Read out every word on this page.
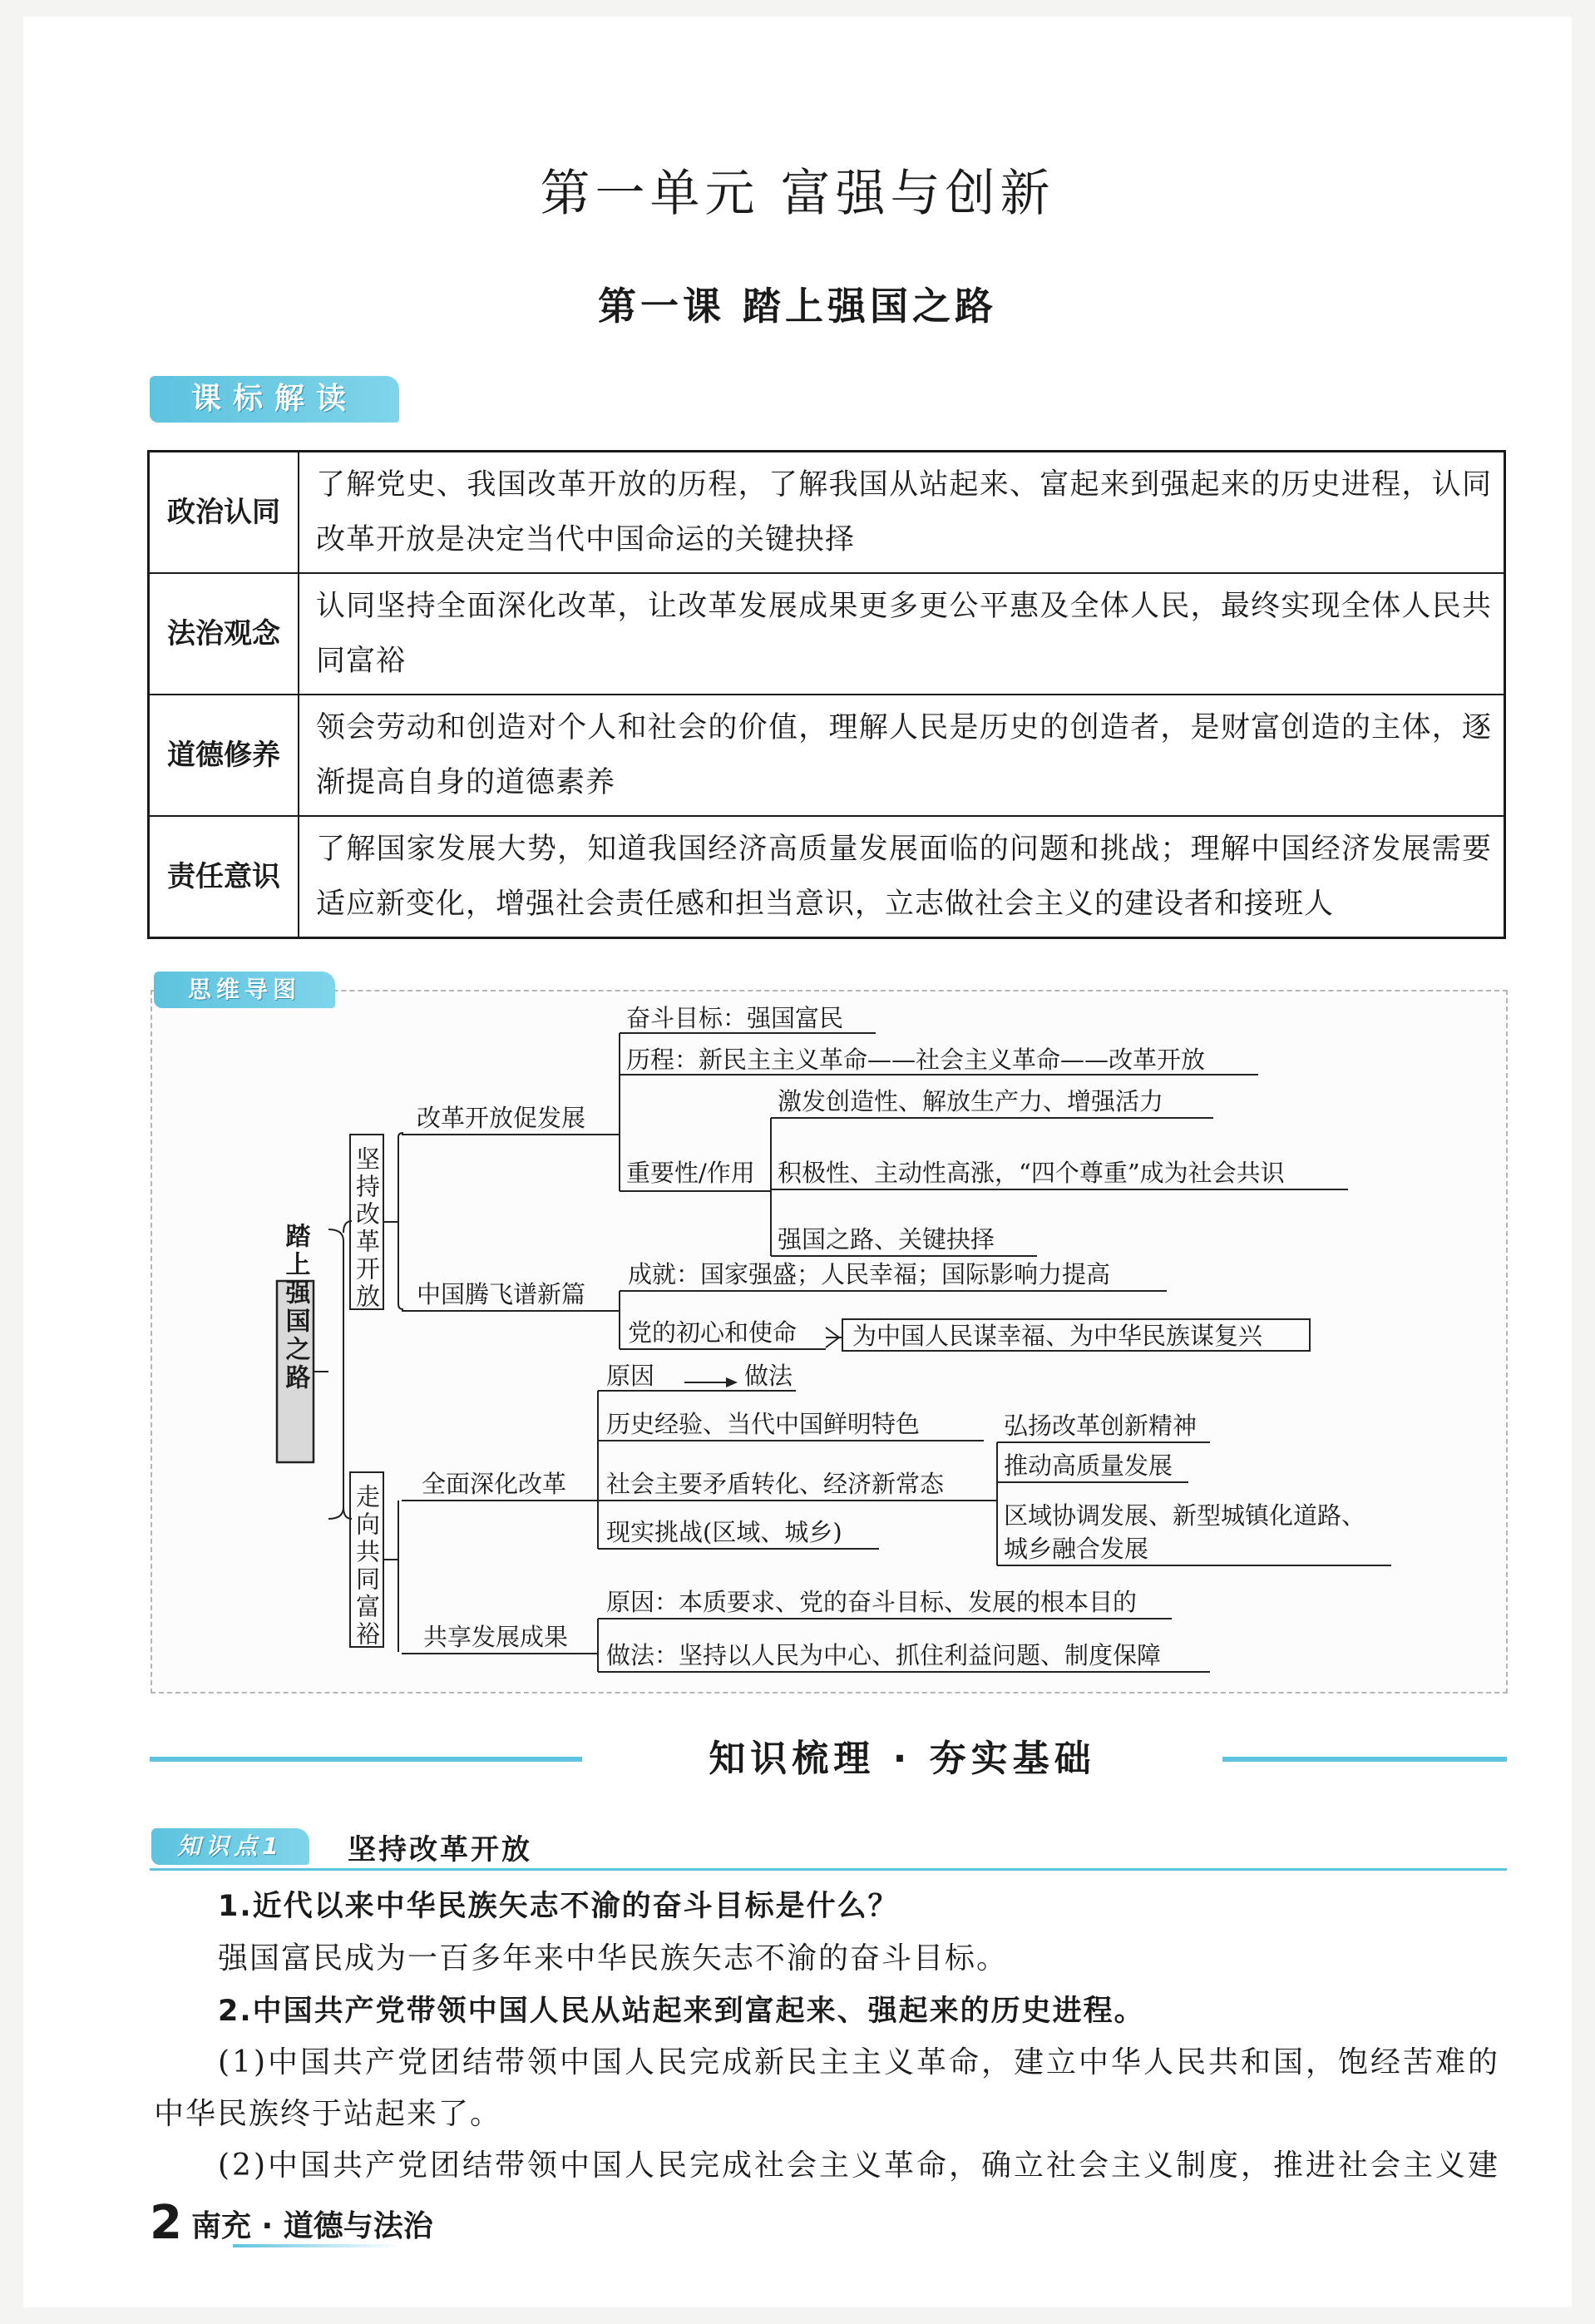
第一单元 富强与创新
第一课 踏上强国之路
课标解读
政治认同	了解党史、我国改革开放的历程，了解我国从站起来、富起来到强起来的历史进程，认同改革开放是决定当代中国命运的关键抉择
法治观念	认同坚持全面深化改革，让改革发展成果更多更公平惠及全体人民，最终实现全体人民共同富裕
道德修养	领会劳动和创造对个人和社会的价值，理解人民是历史的创造者，是财富创造的主体，逐渐提高自身的道德素养
责任意识	了解国家发展大势，知道我国经济高质量发展面临的问题和挑战；理解中国经济发展需要适应新变化，增强社会责任感和担当意识，立志做社会主义的建设者和接班人
踏上强国之路 坚持改革开放
走向共同富裕
改革开放促发展
奋斗目标：强国富民
历程：新民主主义革命——社会主义革命——改革开放
重要性/作用
激发创造性、解放生产力、增强活力
积极性、主动性高涨，“四个尊重”成为社会共识
强国之路、关键抉择
中国腾飞谱新篇
成就：国家强盛；人民幸福；国际影响力提高
党的初心和使命 为中国人民谋幸福、为中华民族谋复兴
全面深化改革
原因	做法
历史经验、当代中国鲜明特色
社会主要矛盾转化、经济新常态
弘扬改革创新精神
推动高质量发展
区域协调发展、新型城镇化道路、
城乡融合发展
现实挑战(区域、城乡)
共享发展成果
原因：本质要求、党的奋斗目标、发展的根本目的
做法：坚持以人民为中心、抓住利益问题、制度保障
思维导图
知识梳理 · 夯实基础
知识点1	坚持改革开放
1.近代以来中华民族矢志不渝的奋斗目标是什么？
强国富民成为一百多年来中华民族矢志不渝的奋斗目标。
2.中国共产党带领中国人民从站起来到富起来、强起来的历史进程。
(1)中国共产党团结带领中国人民完成新民主主义革命，建立中华人民共和国，饱经苦难的
中华民族终于站起来了。
(2)中国共产党团结带领中国人民完成社会主义革命，确立社会主义制度，推进社会主义建
2 南充 · 道德与法治
